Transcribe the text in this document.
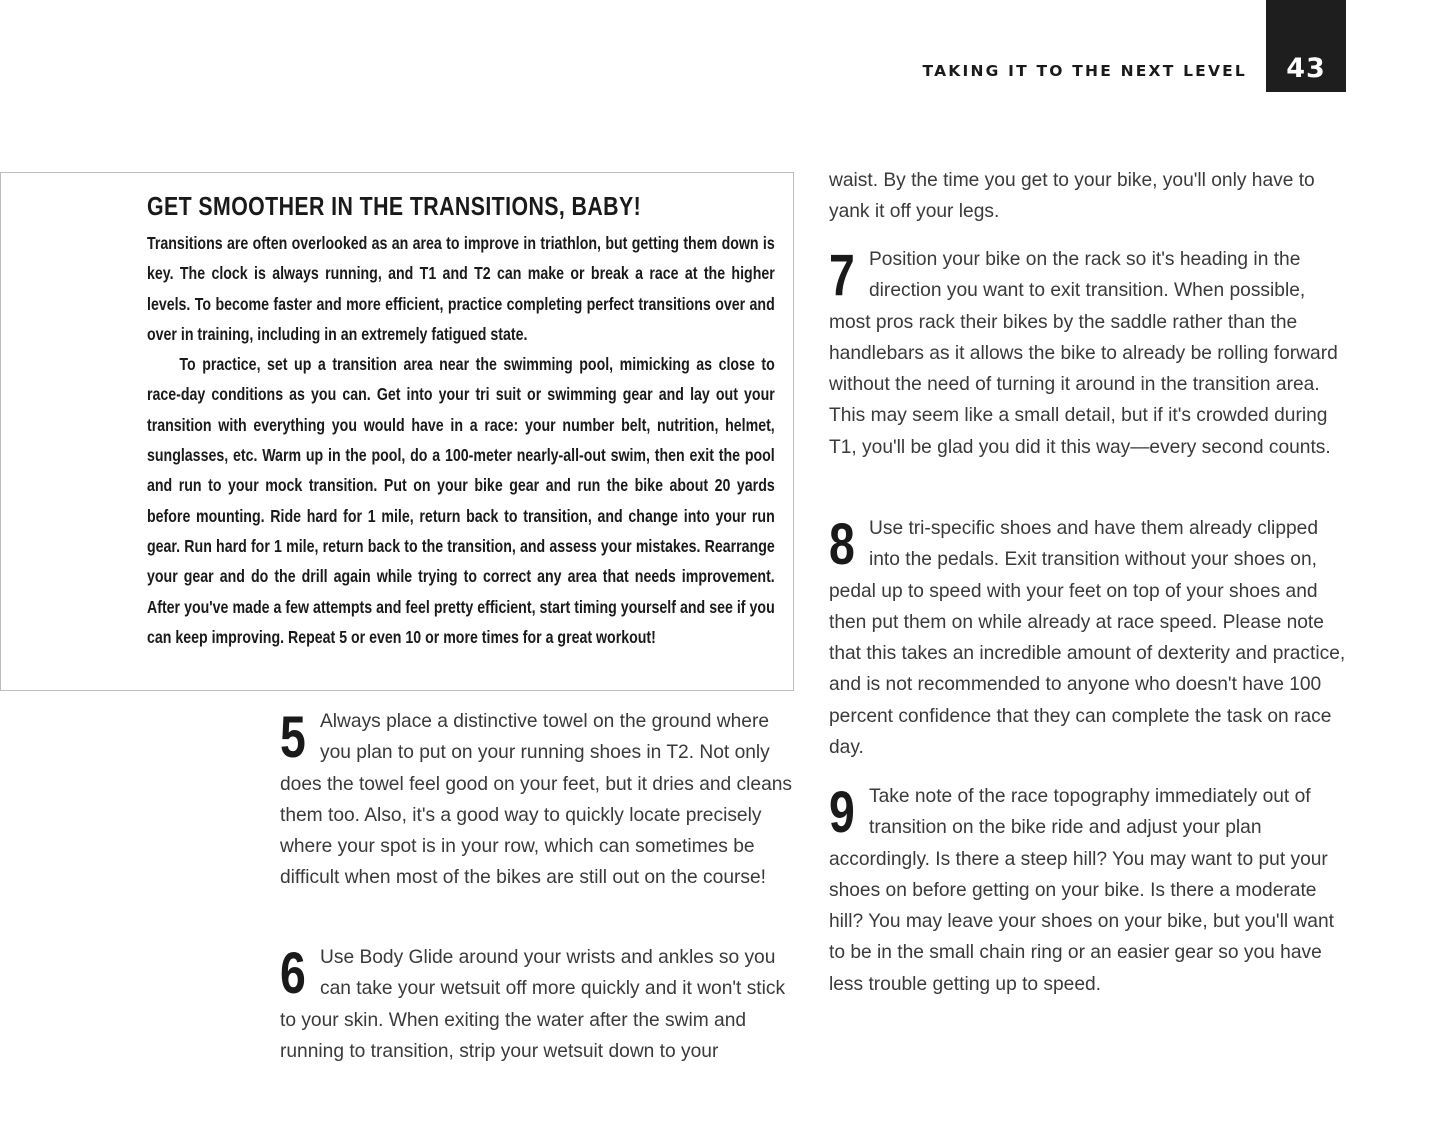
TAKING IT TO THE NEXT LEVEL	43
GET SMOOTHER IN THE TRANSITIONS, BABY!

Transitions are often overlooked as an area to improve in triathlon, but getting them down is key. The clock is always running, and T1 and T2 can make or break a race at the higher levels. To become faster and more efficient, practice completing perfect transitions over and over in training, including in an extremely fatigued state.

To practice, set up a transition area near the swimming pool, mimicking as close to race-day conditions as you can. Get into your tri suit or swimming gear and lay out your transition with everything you would have in a race: your number belt, nutrition, helmet, sunglasses, etc. Warm up in the pool, do a 100-meter nearly-all-out swim, then exit the pool and run to your mock transition. Put on your bike gear and run the bike about 20 yards before mounting. Ride hard for 1 mile, return back to transition, and change into your run gear. Run hard for 1 mile, return back to the transition, and assess your mistakes. Rearrange your gear and do the drill again while trying to correct any area that needs improvement. After you've made a few attempts and feel pretty efficient, start timing yourself and see if you can keep improving. Repeat 5 or even 10 or more times for a great workout!

5 Always place a distinctive towel on the ground where you plan to put on your running shoes in T2. Not only does the towel feel good on your feet, but it dries and cleans them too. Also, it's a good way to quickly locate precisely where your spot is in your row, which can sometimes be difficult when most of the bikes are still out on the course!

6 Use Body Glide around your wrists and ankles so you can take your wetsuit off more quickly and it won't stick to your skin. When exiting the water after the swim and running to transition, strip your wetsuit down to your

waist. By the time you get to your bike, you'll only have to yank it off your legs.

7 Position your bike on the rack so it's heading in the direction you want to exit transition. When possible, most pros rack their bikes by the saddle rather than the handlebars as it allows the bike to already be rolling forward without the need of turning it around in the transition area. This may seem like a small detail, but if it's crowded during T1, you'll be glad you did it this way—every second counts.

8 Use tri-specific shoes and have them already clipped into the pedals. Exit transition without your shoes on, pedal up to speed with your feet on top of your shoes and then put them on while already at race speed. Please note that this takes an incredible amount of dexterity and practice, and is not recommended to anyone who doesn't have 100 percent confidence that they can complete the task on race day.

9 Take note of the race topography immediately out of transition on the bike ride and adjust your plan accordingly. Is there a steep hill? You may want to put your shoes on before getting on your bike. Is there a moderate hill? You may leave your shoes on your bike, but you'll want to be in the small chain ring or an easier gear so you have less trouble getting up to speed.
